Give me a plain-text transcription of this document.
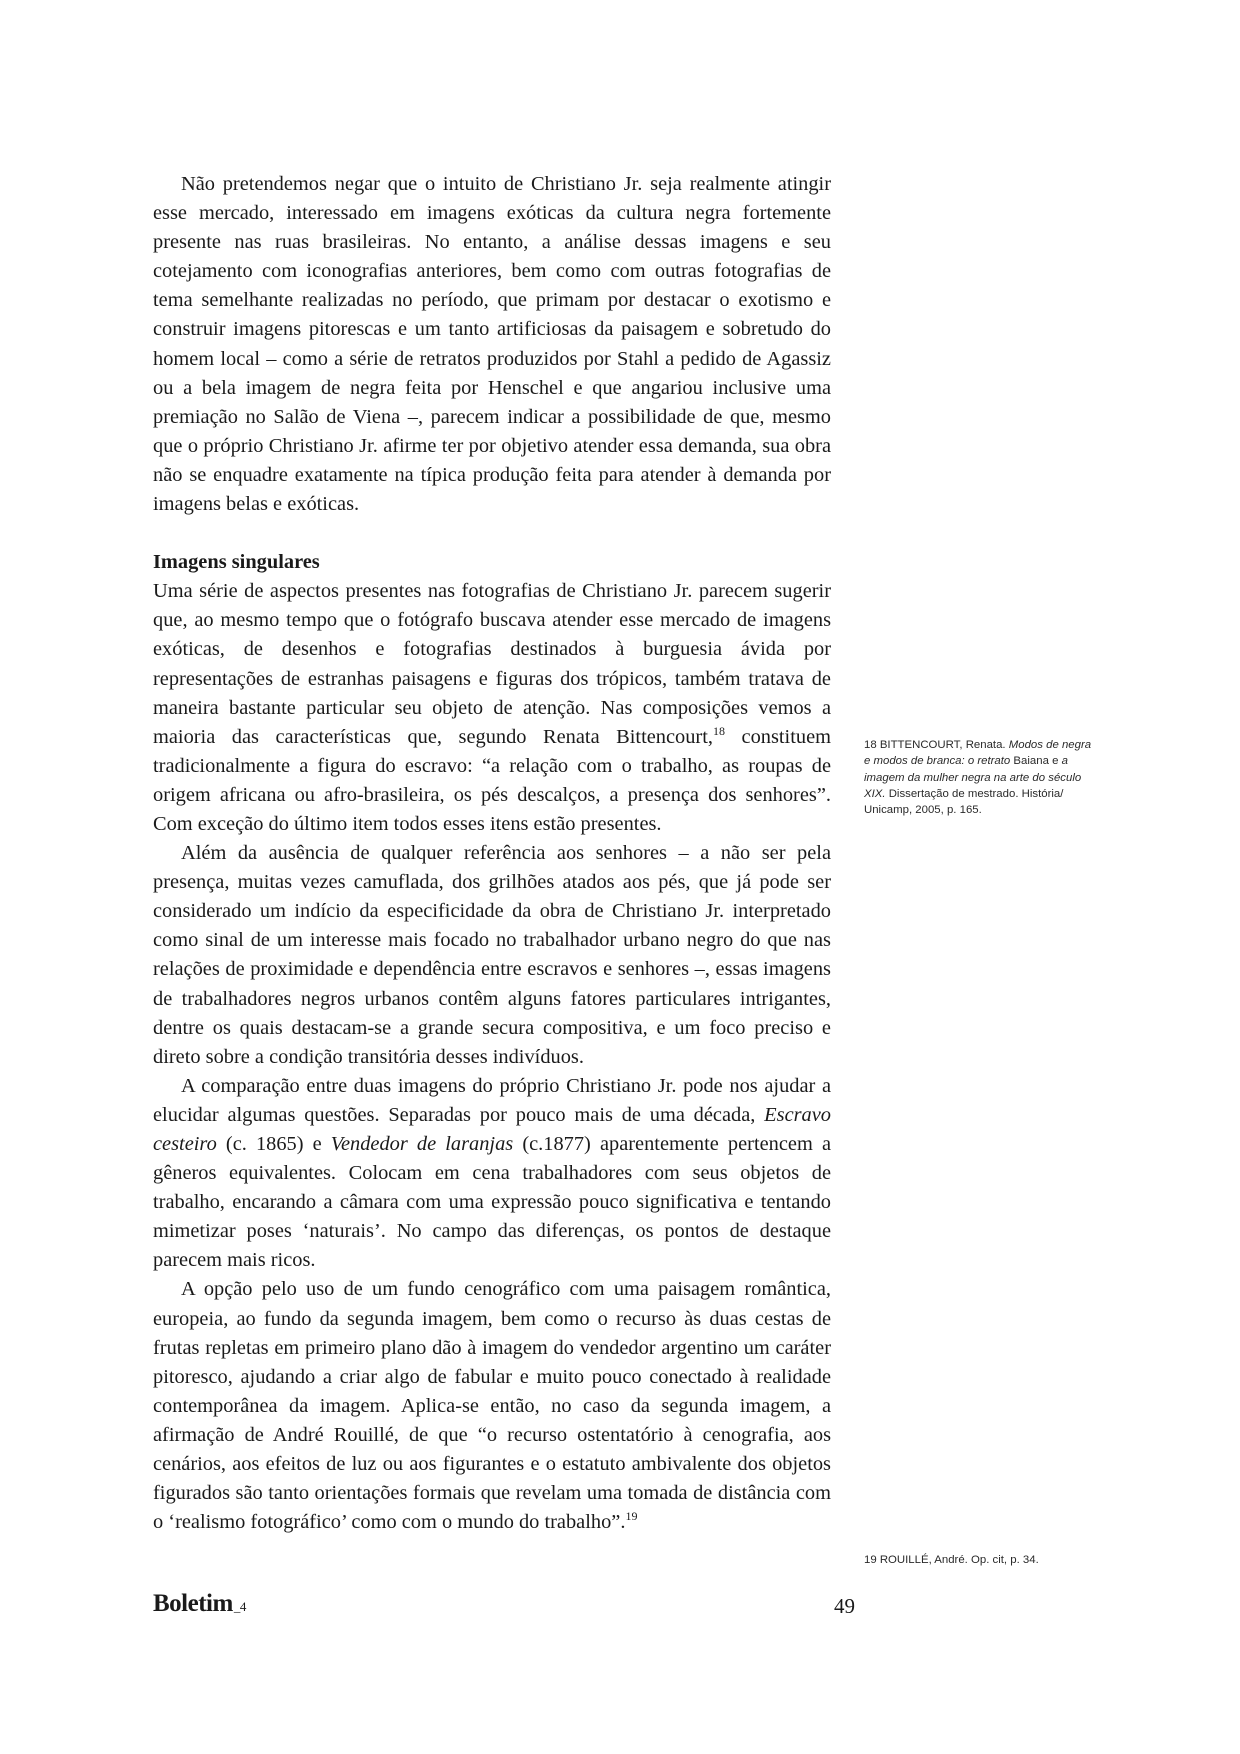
Não pretendemos negar que o intuito de Christiano Jr. seja realmente atingir esse mercado, interessado em imagens exóticas da cultura negra fortemente presente nas ruas brasileiras. No entanto, a análise dessas imagens e seu cotejamento com iconografias anteriores, bem como com outras fotografias de tema semelhante realizadas no período, que primam por destacar o exotismo e construir imagens pitorescas e um tanto artificiosas da paisagem e sobretudo do homem local – como a série de retratos produzidos por Stahl a pedido de Agassiz ou a bela imagem de negra feita por Henschel e que angariou inclusive uma premiação no Salão de Viena –, parecem indicar a possibilidade de que, mesmo que o próprio Christiano Jr. afirme ter por objetivo atender essa demanda, sua obra não se enquadre exatamente na típica produção feita para atender à demanda por imagens belas e exóticas.

Imagens singulares

Uma série de aspectos presentes nas fotografias de Christiano Jr. parecem sugerir que, ao mesmo tempo que o fotógrafo buscava atender esse mercado de imagens exóticas, de desenhos e fotografias destinados à burguesia ávida por representações de estranhas paisagens e figuras dos trópicos, também tratava de maneira bastante particular seu objeto de atenção. Nas composições vemos a maioria das características que, segundo Renata Bittencourt,$^{18}$ constituem tradicionalmente a figura do escravo: “a relação com o trabalho, as roupas de origem africana ou afro-brasileira, os pés descalços, a presença dos senhores”. Com exceção do último item todos esses itens estão presentes.

Além da ausência de qualquer referência aos senhores – a não ser pela presença, muitas vezes camuflada, dos grilhões atados aos pés, que já pode ser considerado um indício da especificidade da obra de Christiano Jr. interpretado como sinal de um interesse mais focado no trabalhador urbano negro do que nas relações de proximidade e dependência entre escravos e senhores –, essas imagens de trabalhadores negros urbanos contêm alguns fatores particulares intrigantes, dentre os quais destacam-se a grande secura compositiva, e um foco preciso e direto sobre a condição transitória desses indivíduos.

A comparação entre duas imagens do próprio Christiano Jr. pode nos ajudar a elucidar algumas questões. Separadas por pouco mais de uma década, Escravo cesteiro (c. 1865) e Vendedor de laranjas (c.1877) aparentemente pertencem a gêneros equivalentes. Colocam em cena trabalhadores com seus objetos de trabalho, encarando a câmara com uma expressão pouco significativa e tentando mimetizar poses ‘naturais’. No campo das diferenças, os pontos de destaque parecem mais ricos.

A opção pelo uso de um fundo cenográfico com uma paisagem romântica, europeia, ao fundo da segunda imagem, bem como o recurso às duas cestas de frutas repletas em primeiro plano dão à imagem do vendedor argentino um caráter pitoresco, ajudando a criar algo de fabular e muito pouco conectado à realidade contemporânea da imagem. Aplica-se então, no caso da segunda imagem, a afirmação de André Rouillé, de que “o recurso ostentatório à cenografia, aos cenários, aos efeitos de luz ou aos figurantes e o estatuto ambivalente dos objetos figurados são tanto orientações formais que revelam uma tomada de distância com o ‘realismo fotográfico’ como com o mundo do trabalho”.$^{19}$

18 BITTENCOURT, Renata. Modos de negra e modos de branca: o retrato Baiana e a imagem da mulher negra na arte do século XIX. Dissertação de mestrado. História/ Unicamp, 2005, p. 165.
19 ROUILLÉ, André. Op. cit, p. 34.
Boletim_4	49
